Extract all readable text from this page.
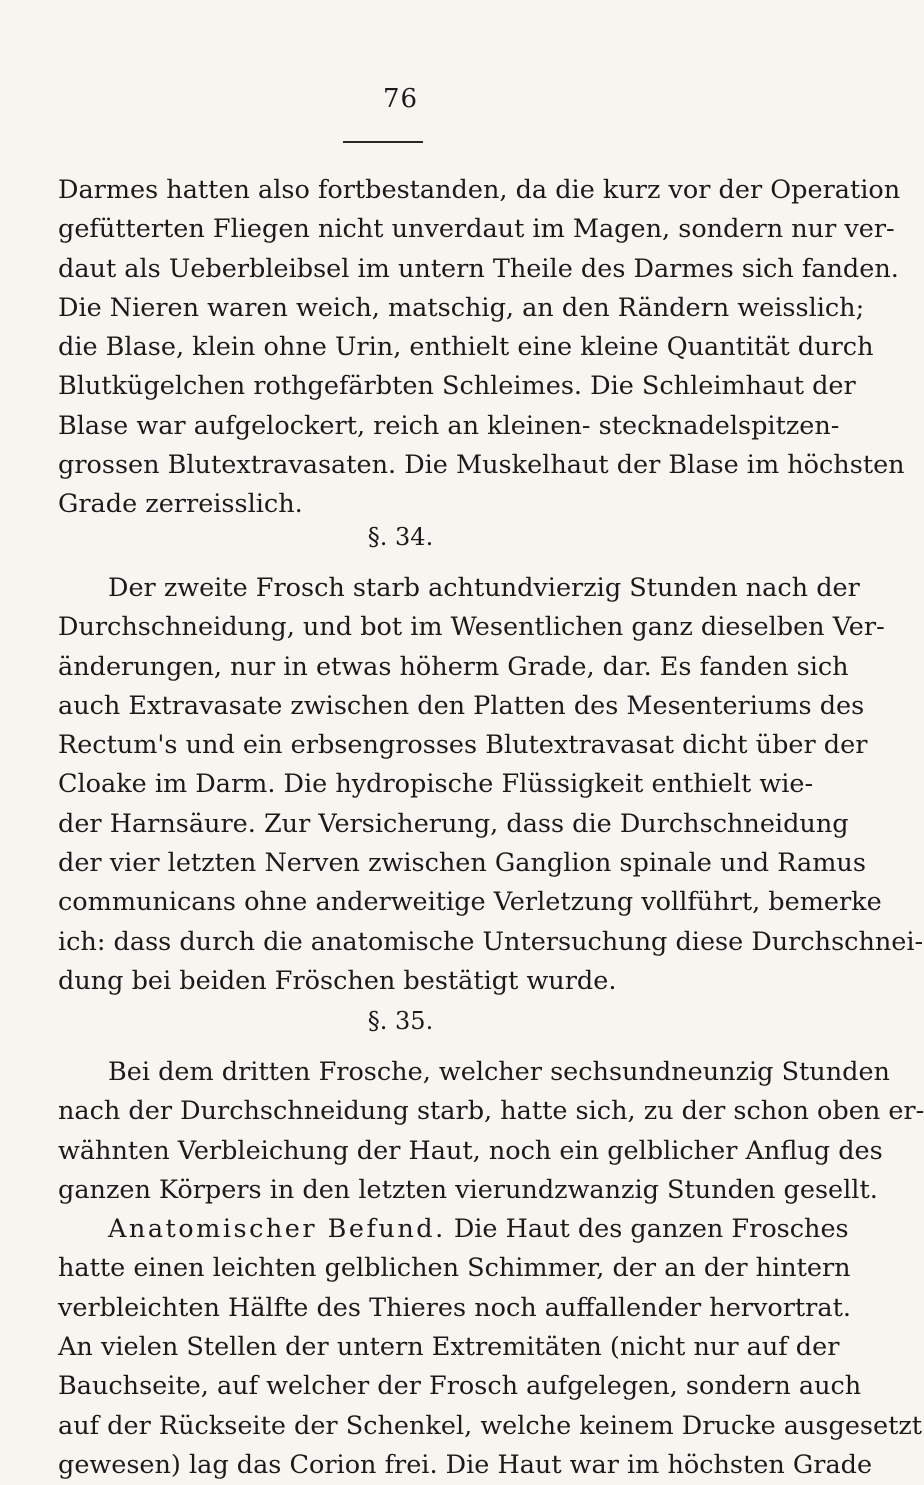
76
Darmes hatten also fortbestanden, da die kurz vor der Operation
gefütterten Fliegen nicht unverdaut im Magen, sondern nur ver-
daut als Ueberbleibsel im untern Theile des Darmes sich fanden.
Die Nieren waren weich, matschig, an den Rändern weisslich;
die Blase, klein ohne Urin, enthielt eine kleine Quantität durch
Blutkügelchen rothgefärbten Schleimes. Die Schleimhaut der
Blase war aufgelockert, reich an kleinen- stecknadelspitzen-
grossen Blutextravasaten. Die Muskelhaut der Blase im höchsten
Grade zerreisslich.
§. 34.
Der zweite Frosch starb achtundvierzig Stunden nach der
Durchschneidung, und bot im Wesentlichen ganz dieselben Ver-
änderungen, nur in etwas höherm Grade, dar. Es fanden sich
auch Extravasate zwischen den Platten des Mesenteriums des
Rectum's und ein erbsengrosses Blutextravasat dicht über der
Cloake im Darm. Die hydropische Flüssigkeit enthielt wie-
der Harnsäure. Zur Versicherung, dass die Durchschneidung
der vier letzten Nerven zwischen Ganglion spinale und Ramus
communicans ohne anderweitige Verletzung vollführt, bemerke
ich: dass durch die anatomische Untersuchung diese Durchschnei-
dung bei beiden Fröschen bestätigt wurde.
§. 35.
Bei dem dritten Frosche, welcher sechsundneunzig Stunden
nach der Durchschneidung starb, hatte sich, zu der schon oben er-
wähnten Verbleichung der Haut, noch ein gelblicher Anflug des
ganzen Körpers in den letzten vierundzwanzig Stunden gesellt.
Anatomischer Befund. Die Haut des ganzen Frosches
hatte einen leichten gelblichen Schimmer, der an der hintern
verbleichten Hälfte des Thieres noch auffallender hervortrat.
An vielen Stellen der untern Extremitäten (nicht nur auf der
Bauchseite, auf welcher der Frosch aufgelegen, sondern auch
auf der Rückseite der Schenkel, welche keinem Drucke ausgesetzt
gewesen) lag das Corion frei. Die Haut war im höchsten Grade
